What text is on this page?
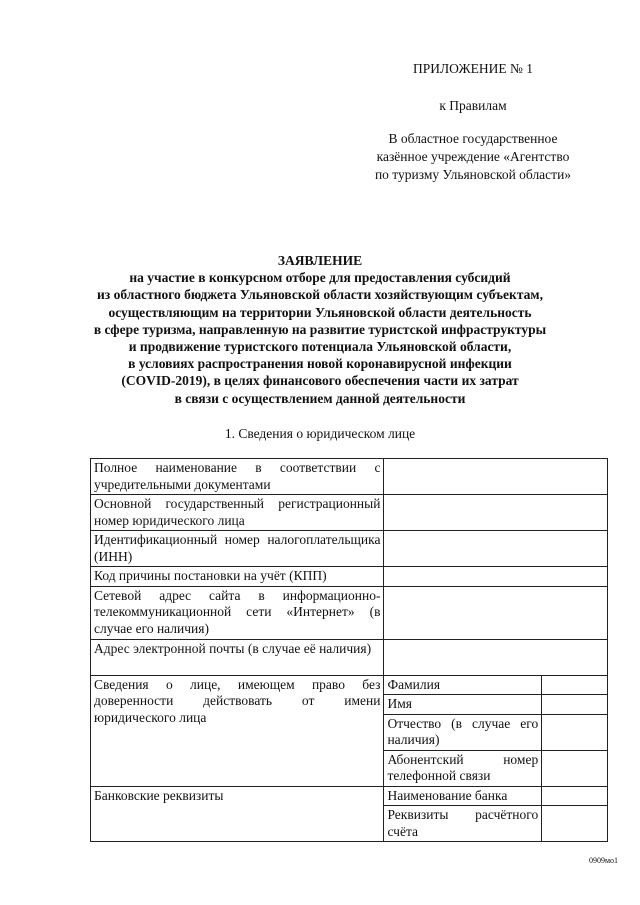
ПРИЛОЖЕНИЕ № 1
к Правилам
В областное государственное
казённое учреждение «Агентство
по туризму Ульяновской области»
ЗАЯВЛЕНИЕ
на участие в конкурсном отборе для предоставления субсидий
из областного бюджета Ульяновской области хозяйствующим субъектам,
осуществляющим на территории Ульяновской области деятельность
в сфере туризма, направленную на развитие туристской инфраструктуры
и продвижение туристского потенциала Ульяновской области,
в условиях распространения новой коронавирусной инфекции
(COVID-2019), в целях финансового обеспечения части их затрат
в связи с осуществлением данной деятельности
1. Сведения о юридическом лице
Полное наименование в соответствии с учредительными документами		
Основной государственный регистрационный номер юридического лица		
Идентификационный номер налогоплательщика (ИНН)		
Код причины постановки на учёт (КПП)		
Сетевой адрес сайта в информационно-телекоммуникационной сети «Интернет» (в случае его наличия)		
Адрес электронной почты (в случае её наличия)		
Сведения о лице, имеющем право без доверенности действовать от имени юридического лица	Фамилия	
	Имя	
	Отчество (в случае его наличия)	
	Абонентский номер телефонной связи	
Банковские реквизиты	Наименование банка	
	Реквизиты расчётного счёта	
0909мо1
